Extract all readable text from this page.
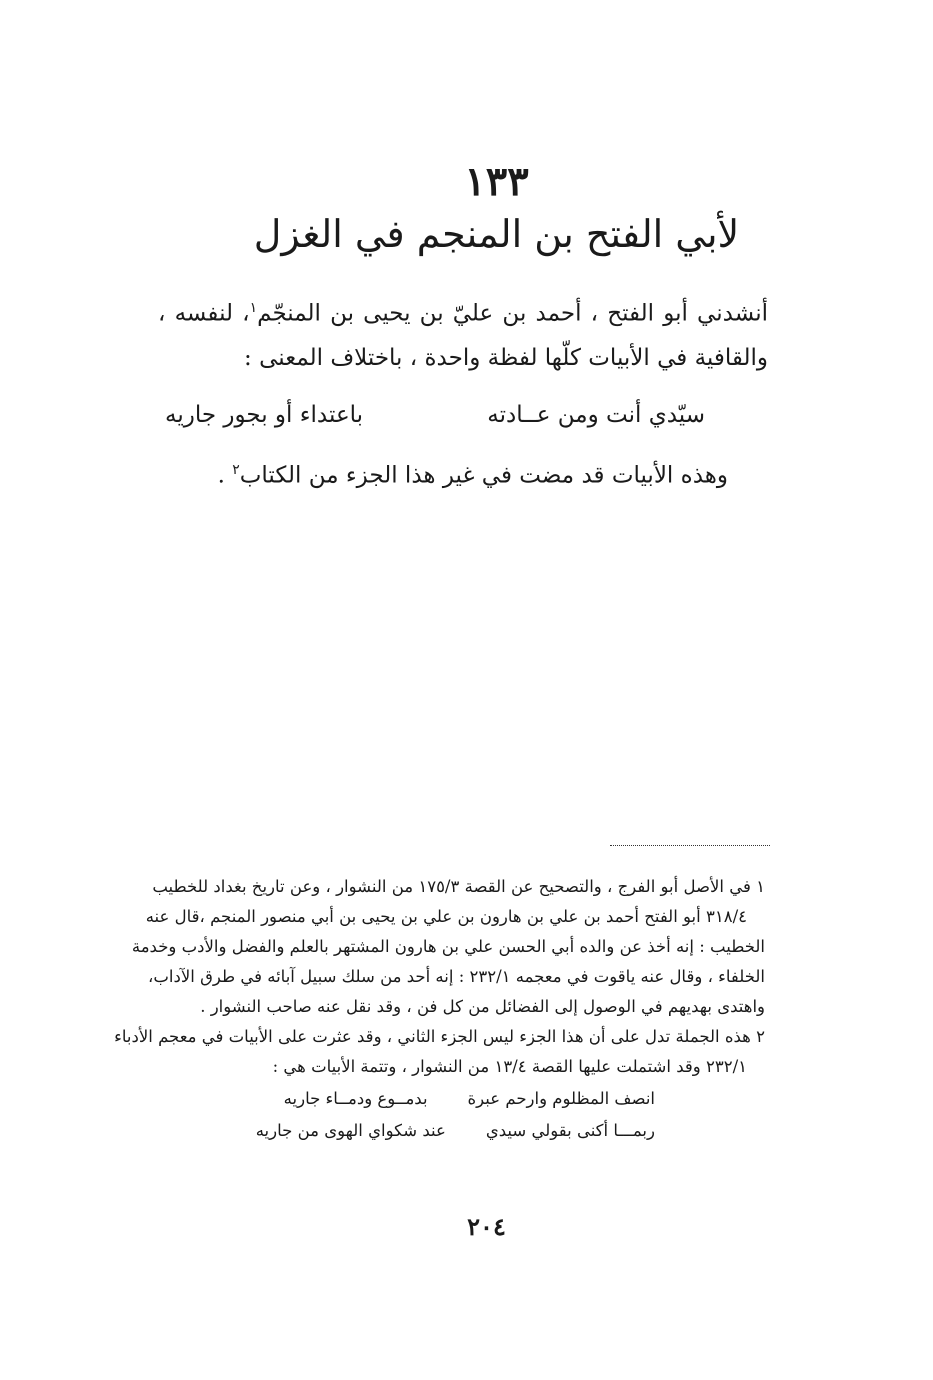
١٣٣
لأبي الفتح بن المنجم في الغزل
أنشدني أبو الفتح ، أحمد بن عليّ بن يحيى بن المنجّم$^١$، لنفسه ، والقافية في الأبيات كلّها لفظة واحدة ، باختلاف المعنى :
سيّدي أنت ومن عــادته
باعتداء أو بجور جاريه
وهذه الأبيات قد مضت في غير هذا الجزء من الكتاب$^٢$ .
١ في الأصل أبو الفرج ، والتصحيح عن القصة ١٧٥/٣ من النشوار ، وعن تاريخ بغداد للخطيب
٣١٨/٤ أبو الفتح أحمد بن علي بن هارون بن علي بن يحيى بن أبي منصور المنجم ،قال عنه
الخطيب : إنه أخذ عن والده أبي الحسن علي بن هارون المشتهر بالعلم والفضل والأدب وخدمة
الخلفاء ، وقال عنه ياقوت في معجمه ٢٣٢/١ : إنه أحد من سلك سبيل آبائه في طرق الآداب،
واهتدى بهديهم في الوصول إلى الفضائل من كل فن ، وقد نقل عنه صاحب النشوار .
٢ هذه الجملة تدل على أن هذا الجزء ليس الجزء الثاني ، وقد عثرت على الأبيات في معجم الأدباء
٢٣٢/١ وقد اشتملت عليها القصة ١٣/٤ من النشوار ، وتتمة الأبيات هي :
انصف المظلوم وارحم عبرة
بدمــوع ودمــاء جاريه
ربمـــا أكنى بقولي سيدي
عند شكواي الهوى من جاريه
٢٠٤
